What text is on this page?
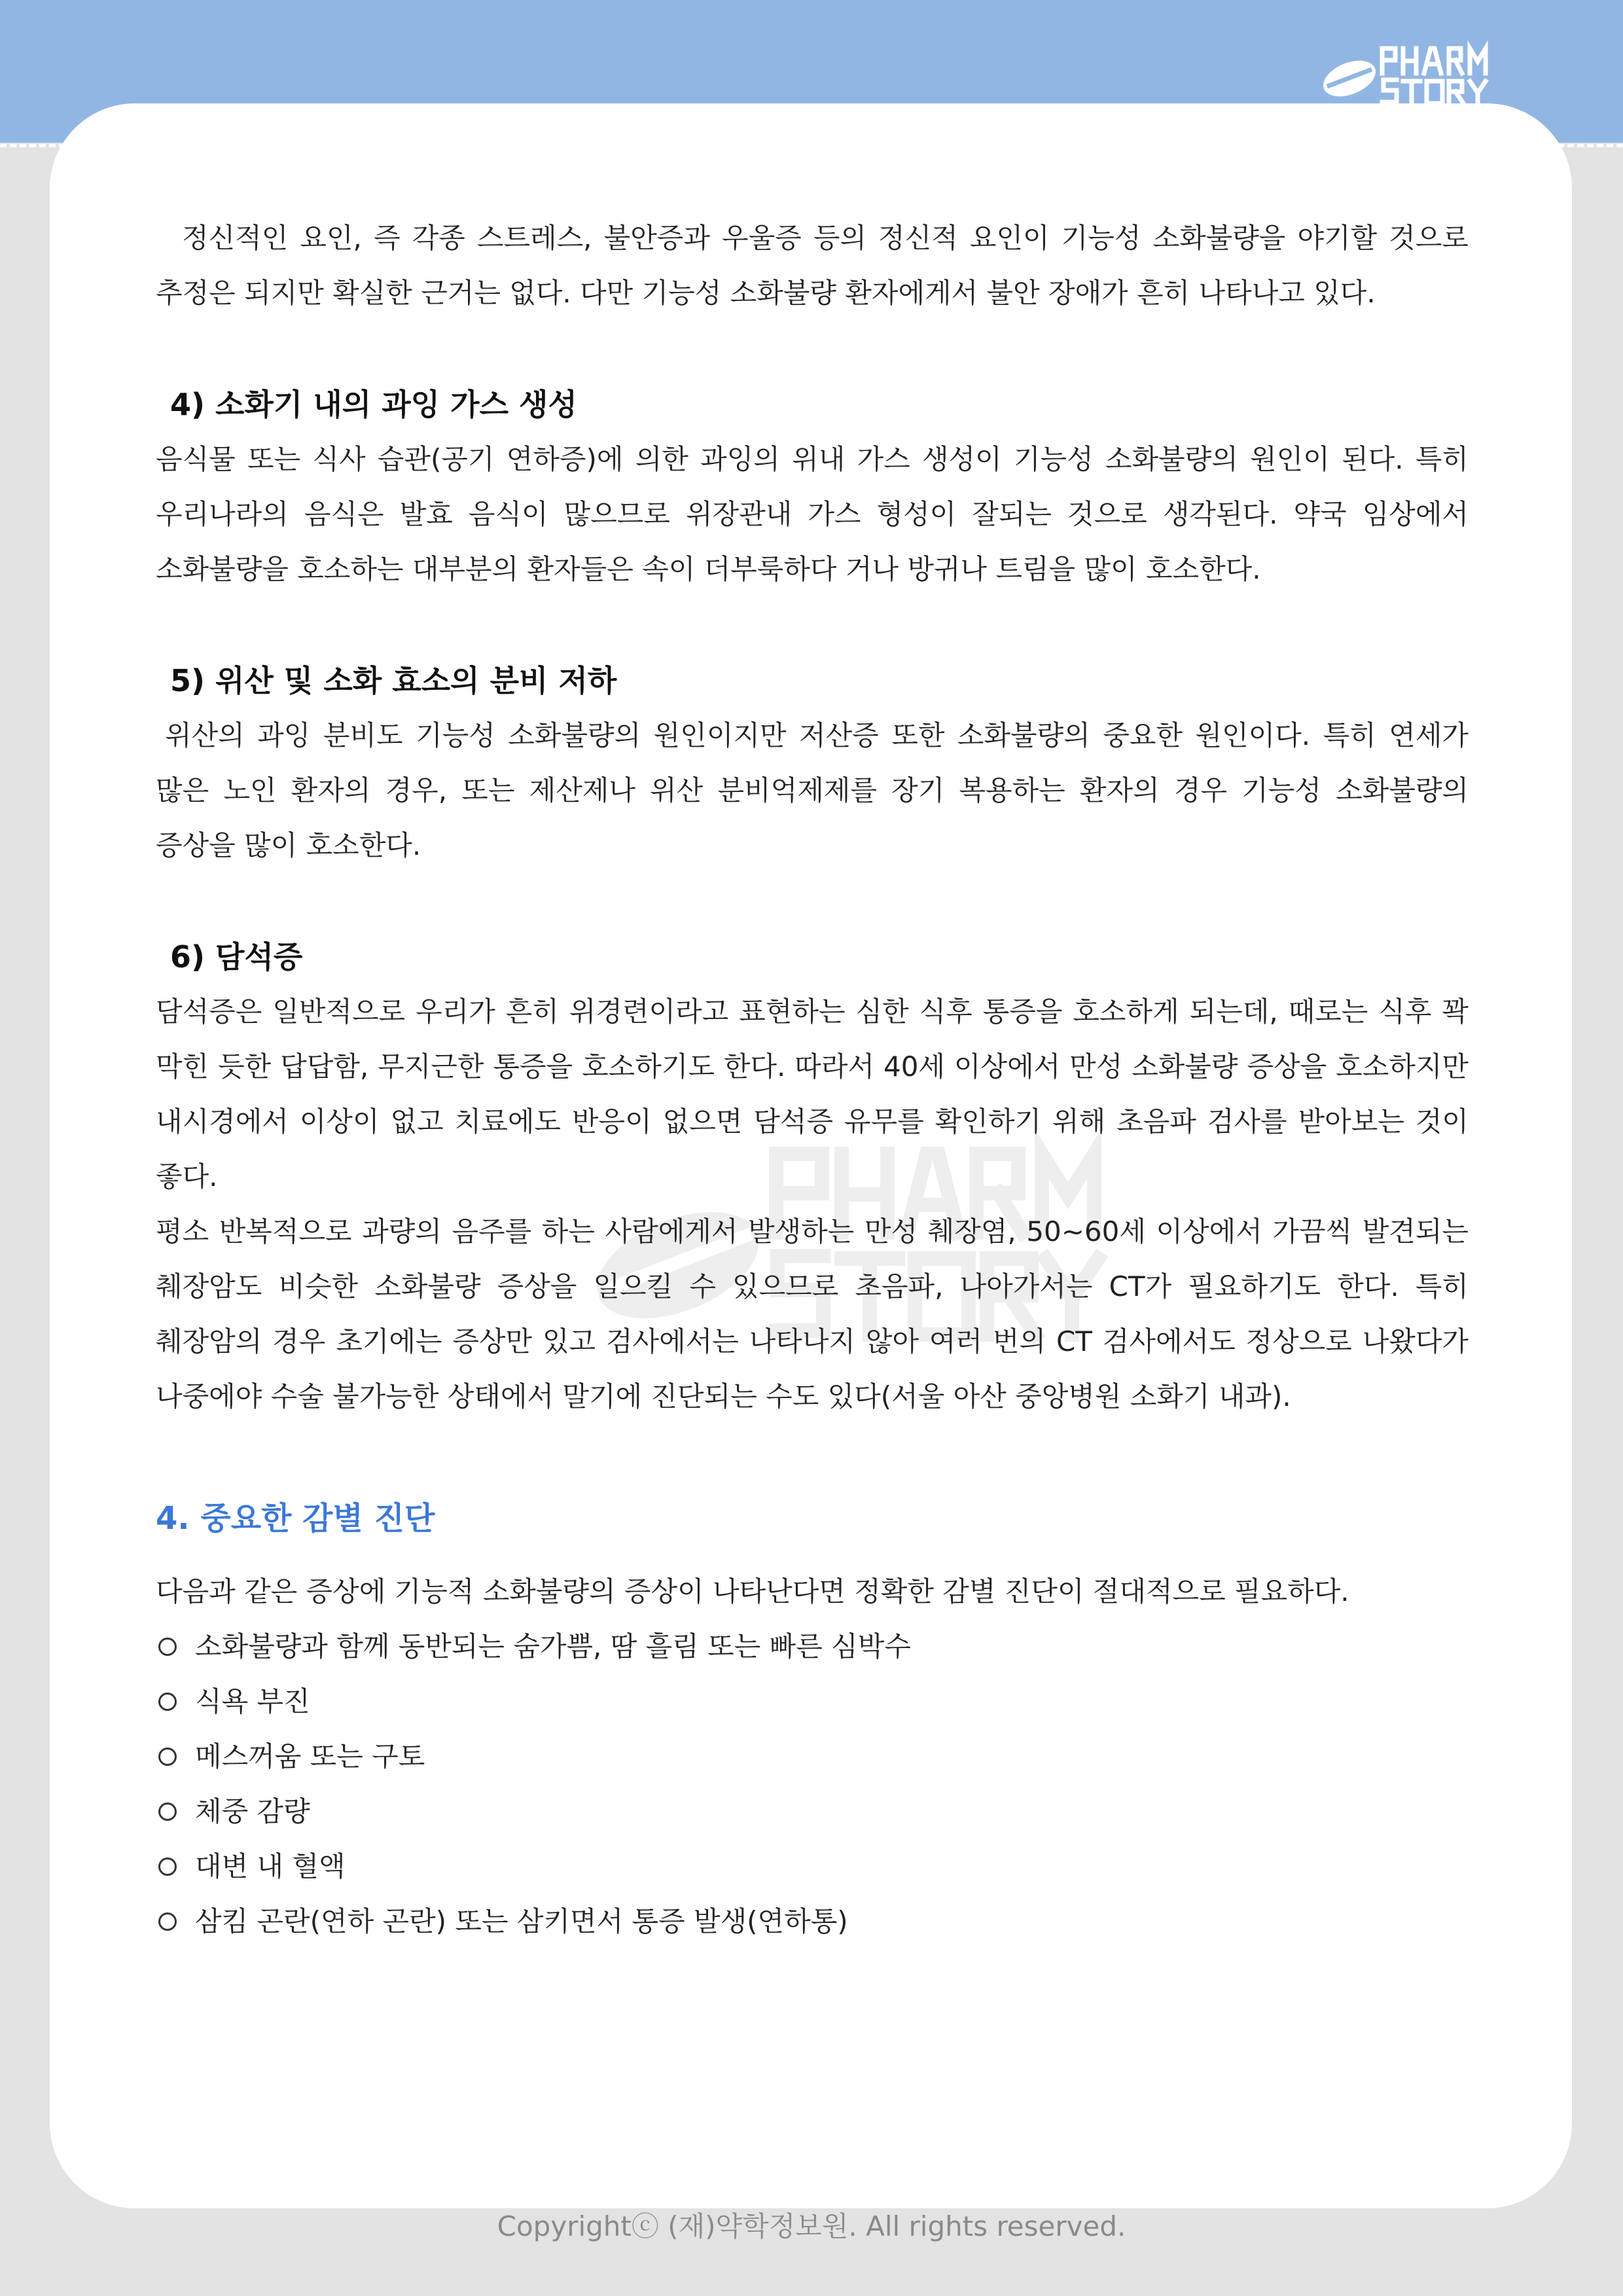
정신적인 요인, 즉 각종 스트레스, 불안증과 우울증 등의 정신적 요인이 기능성 소화불량을 야기할 것으로 추정은 되지만 확실한 근거는 없다. 다만 기능성 소화불량 환자에게서 불안 장애가 흔히 나타나고 있다.

4) 소화기 내의 과잉 가스 생성

음식물 또는 식사 습관(공기 연하증)에 의한 과잉의 위내 가스 생성이 기능성 소화불량의 원인이 된다. 특히 우리나라의 음식은 발효 음식이 많으므로 위장관내 가스 형성이 잘되는 것으로 생각된다. 약국 임상에서 소화불량을 호소하는 대부분의 환자들은 속이 더부룩하다 거나 방귀나 트림을 많이 호소한다.

5) 위산 및 소화 효소의 분비 저하

위산의 과잉 분비도 기능성 소화불량의 원인이지만 저산증 또한 소화불량의 중요한 원인이다. 특히 연세가 많은 노인 환자의 경우, 또는 제산제나 위산 분비억제제를 장기 복용하는 환자의 경우 기능성 소화불량의 증상을 많이 호소한다.

6) 담석증

담석증은 일반적으로 우리가 흔히 위경련이라고 표현하는 심한 식후 통증을 호소하게 되는데, 때로는 식후 꽉 막힌 듯한 답답함, 무지근한 통증을 호소하기도 한다. 따라서 40세 이상에서 만성 소화불량 증상을 호소하지만 내시경에서 이상이 없고 치료에도 반응이 없으면 담석증 유무를 확인하기 위해 초음파 검사를 받아보는 것이 좋다.

평소 반복적으로 과량의 음주를 하는 사람에게서 발생하는 만성 췌장염, 50~60세 이상에서 가끔씩 발견되는 췌장암도 비슷한 소화불량 증상을 일으킬 수 있으므로 초음파, 나아가서는 CT가 필요하기도 한다. 특히 췌장암의 경우 초기에는 증상만 있고 검사에서는 나타나지 않아 여러 번의 CT 검사에서도 정상으로 나왔다가 나중에야 수술 불가능한 상태에서 말기에 진단되는 수도 있다(서울 아산 중앙병원 소화기 내과).

4. 중요한 감별 진단

다음과 같은 증상에 기능적 소화불량의 증상이 나타난다면 정확한 감별 진단이 절대적으로 필요하다.

소화불량과 함께 동반되는 숨가쁨, 땀 흘림 또는 빠른 심박수
식욕 부진
메스꺼움 또는 구토
체중 감량
대변 내 혈액
삼킴 곤란(연하 곤란) 또는 삼키면서 통증 발생(연하통)
Copyrightⓒ (재)약학정보원. All rights reserved.
